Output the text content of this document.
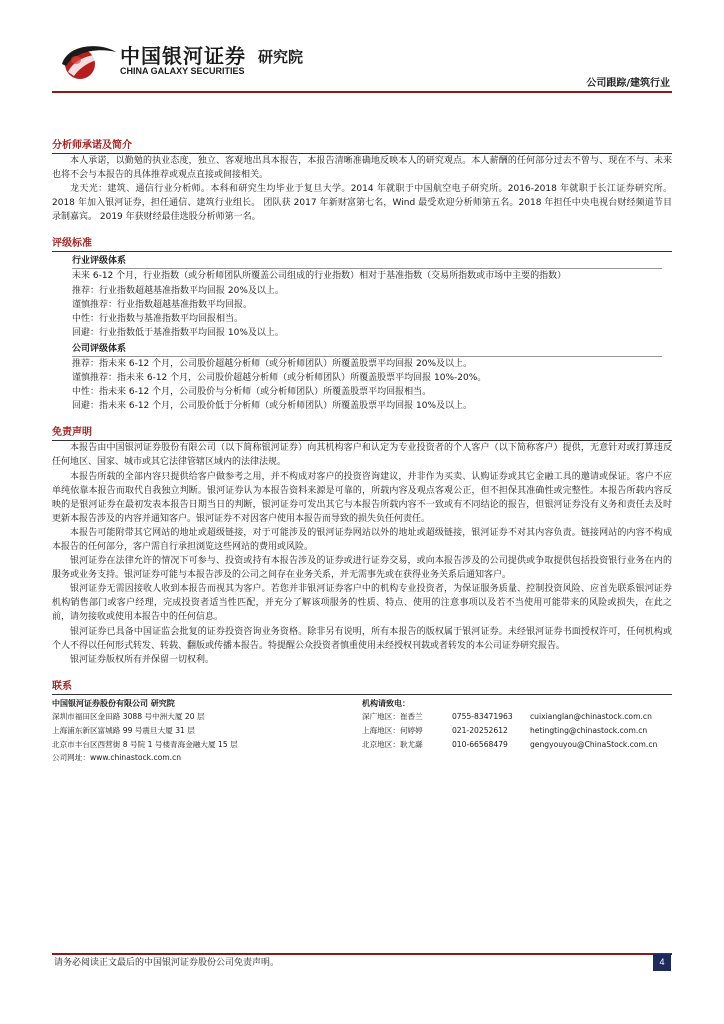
中国银河证券
CHINA GALAXY SECURITIES
研究院
公司跟踪/建筑行业
分析师承诺及简介

本人承诺，以勤勉的执业态度，独立、客观地出具本报告，本报告清晰准确地反映本人的研究观点。本人薪酬的任何部分过去不曾与、现在不与、未来也将不会与本报告的具体推荐或观点直接或间接相关。

龙天光：建筑、通信行业分析师。本科和研究生均毕业于复旦大学。2014 年就职于中国航空电子研究所。2016-2018 年就职于长江证券研究所。 2018 年加入银河证券，担任通信、建筑行业组长。 团队获 2017 年新财富第七名，Wind 最受欢迎分析师第五名。2018 年担任中央电视台财经频道节目录制嘉宾。 2019 年获财经最佳选股分析师第一名。

评级标准
行业评级体系

未来 6-12 个月，行业指数（或分析师团队所覆盖公司组成的行业指数）相对于基准指数（交易所指数或市场中主要的指数）

推荐：行业指数超越基准指数平均回报 20%及以上。

谨慎推荐：行业指数超越基准指数平均回报。

中性：行业指数与基准指数平均回报相当。

回避：行业指数低于基准指数平均回报 10%及以上。

公司评级体系

推荐：指未来 6-12 个月，公司股价超越分析师（或分析师团队）所覆盖股票平均回报 20%及以上。

谨慎推荐：指未来 6-12 个月，公司股价超越分析师（或分析师团队）所覆盖股票平均回报 10%-20%。

中性：指未来 6-12 个月，公司股价与分析师（或分析师团队）所覆盖股票平均回报相当。

回避：指未来 6-12 个月，公司股价低于分析师（或分析师团队）所覆盖股票平均回报 10%及以上。

免责声明

本报告由中国银河证券股份有限公司（以下简称银河证券）向其机构客户和认定为专业投资者的个人客户（以下简称客户）提供，无意针对或打算违反任何地区、国家、城市或其它法律管辖区域内的法律法规。

本报告所载的全部内容只提供给客户做参考之用，并不构成对客户的投资咨询建议，并非作为买卖、认购证券或其它金融工具的邀请或保证。客户不应单纯依靠本报告而取代自我独立判断。银河证券认为本报告资料来源是可靠的，所载内容及观点客观公正，但不担保其准确性或完整性。本报告所载内容反映的是银河证券在最初发表本报告日期当日的判断，银河证券可发出其它与本报告所载内容不一致或有不同结论的报告，但银河证券没有义务和责任去及时更新本报告涉及的内容并通知客户。银河证券不对因客户使用本报告而导致的损失负任何责任。

本报告可能附带其它网站的地址或超级链接，对于可能涉及的银河证券网站以外的地址或超级链接，银河证券不对其内容负责。链接网站的内容不构成本报告的任何部分，客户需自行承担浏览这些网站的费用或风险。

银河证券在法律允许的情况下可参与、投资或持有本报告涉及的证券或进行证券交易，或向本报告涉及的公司提供或争取提供包括投资银行业务在内的服务或业务支持。银河证券可能与本报告涉及的公司之间存在业务关系，并无需事先或在获得业务关系后通知客户。

银河证券无需因接收人收到本报告而视其为客户。若您并非银河证券客户中的机构专业投资者，为保证服务质量、控制投资风险、应首先联系银河证券机构销售部门或客户经理，完成投资者适当性匹配，并充分了解该项服务的性质、特点、使用的注意事项以及若不当使用可能带来的风险或损失，在此之前，请勿接收或使用本报告中的任何信息。

银河证券已具备中国证监会批复的证券投资咨询业务资格。除非另有说明，所有本报告的版权属于银河证券。未经银河证券书面授权许可，任何机构或个人不得以任何形式转发、转载、翻版或传播本报告。特提醒公众投资者慎重使用未经授权刊载或者转发的本公司证券研究报告。

银河证券版权所有并保留一切权利。

联系
中国银河证券股份有限公司 研究院
深圳市福田区金田路 3088 号中洲大厦 20 层
上海浦东新区富城路 99 号震旦大厦 31 层
北京市丰台区西营街 8 号院 1 号楼青海金融大厦 15 层
公司网址：www.chinastock.com.cn
机构请致电：
深广地区： 崔香兰	0755-83471963	cuixianglan@chinastock.com.cn
上海地区： 何婷婷	021-20252612	hetingting@chinastock.com.cn
北京地区： 耿尤繇	010-66568479	gengyouyou@ChinaStock.com.cn
请务必阅读正文最后的中国银河证券股份公司免责声明。	4
